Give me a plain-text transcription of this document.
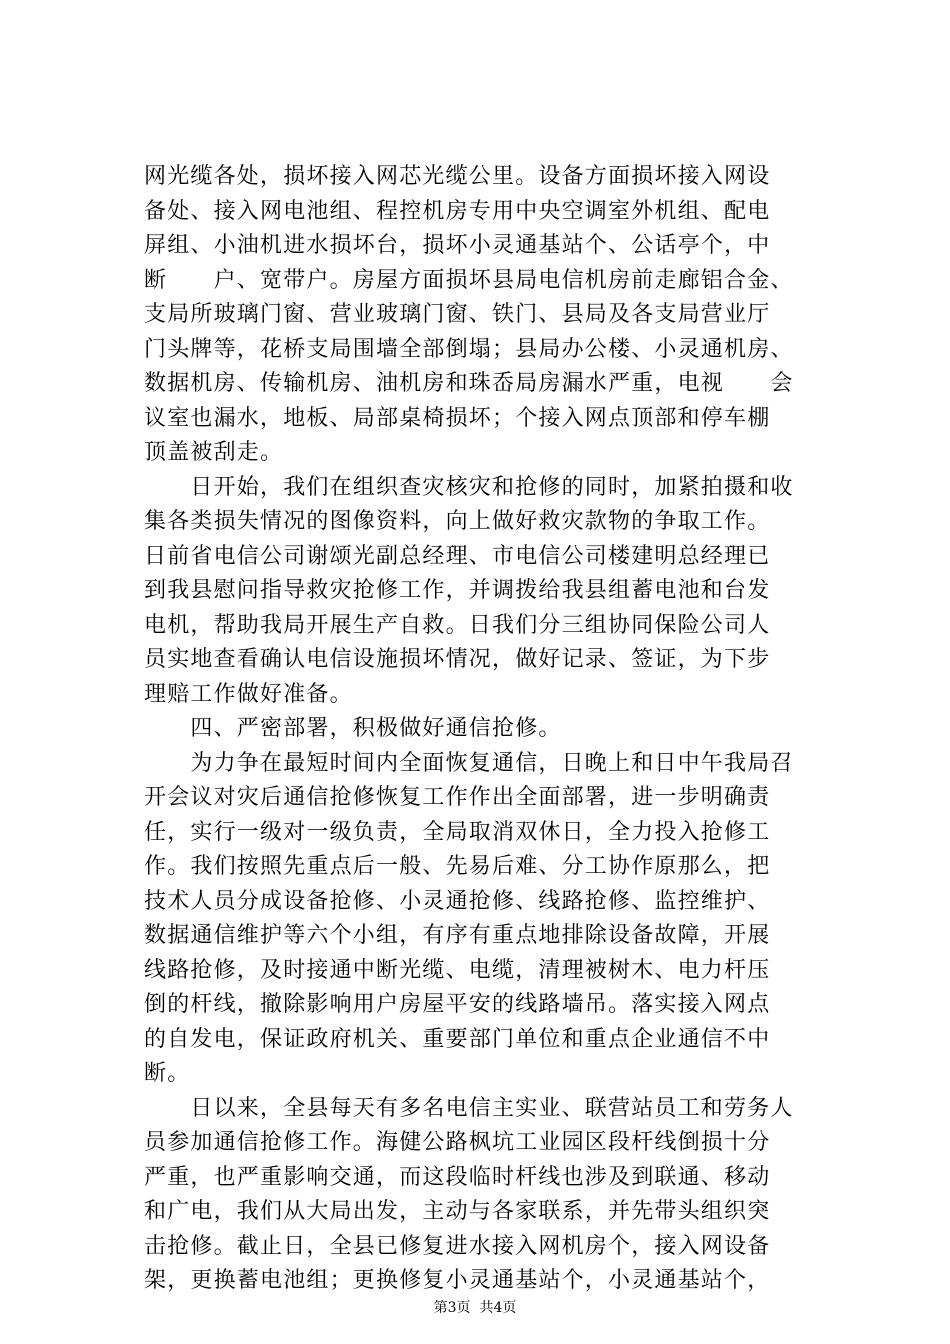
网光缆各处，损坏接入网芯光缆公里。设备方面损坏接入网设
备处、接入网电池组、程控机房专用中央空调室外机组、配电
屏组、小油机进水损坏台，损坏小灵通基站个、公话亭个，中
断　　户、宽带户。房屋方面损坏县局电信机房前走廊铝合金、
支局所玻璃门窗、营业玻璃门窗、铁门、县局及各支局营业厅
门头牌等，花桥支局围墙全部倒塌；县局办公楼、小灵通机房、
数据机房、传输机房、油机房和珠岙局房漏水严重，电视　　会
议室也漏水，地板、局部桌椅损坏；个接入网点顶部和停车棚
顶盖被刮走。
　　日开始，我们在组织查灾核灾和抢修的同时，加紧拍摄和收
集各类损失情况的图像资料，向上做好救灾款物的争取工作。
日前省电信公司谢颂光副总经理、市电信公司楼建明总经理已
到我县慰问指导救灾抢修工作，并调拨给我县组蓄电池和台发
电机，帮助我局开展生产自救。日我们分三组协同保险公司人
员实地查看确认电信设施损坏情况，做好记录、签证，为下步
理赔工作做好准备。
　　四、严密部署，积极做好通信抢修。
　　为力争在最短时间内全面恢复通信，日晚上和日中午我局召
开会议对灾后通信抢修恢复工作作出全面部署，进一步明确责
任，实行一级对一级负责，全局取消双休日，全力投入抢修工
作。我们按照先重点后一般、先易后难、分工协作原那么，把
技术人员分成设备抢修、小灵通抢修、线路抢修、监控维护、
数据通信维护等六个小组，有序有重点地排除设备故障，开展
线路抢修，及时接通中断光缆、电缆，清理被树木、电力杆压
倒的杆线，撤除影响用户房屋平安的线路墙吊。落实接入网点
的自发电，保证政府机关、重要部门单位和重点企业通信不中
断。
　　日以来，全县每天有多名电信主实业、联营站员工和劳务人
员参加通信抢修工作。海健公路枫坑工业园区段杆线倒损十分
严重，也严重影响交通，而这段临时杆线也涉及到联通、移动
和广电，我们从大局出发，主动与各家联系，并先带头组织突
击抢修。截止日，全县已修复进水接入网机房个，接入网设备
架，更换蓄电池组；更换修复小灵通基站个，小灵通基站个，
第3页  共4页
